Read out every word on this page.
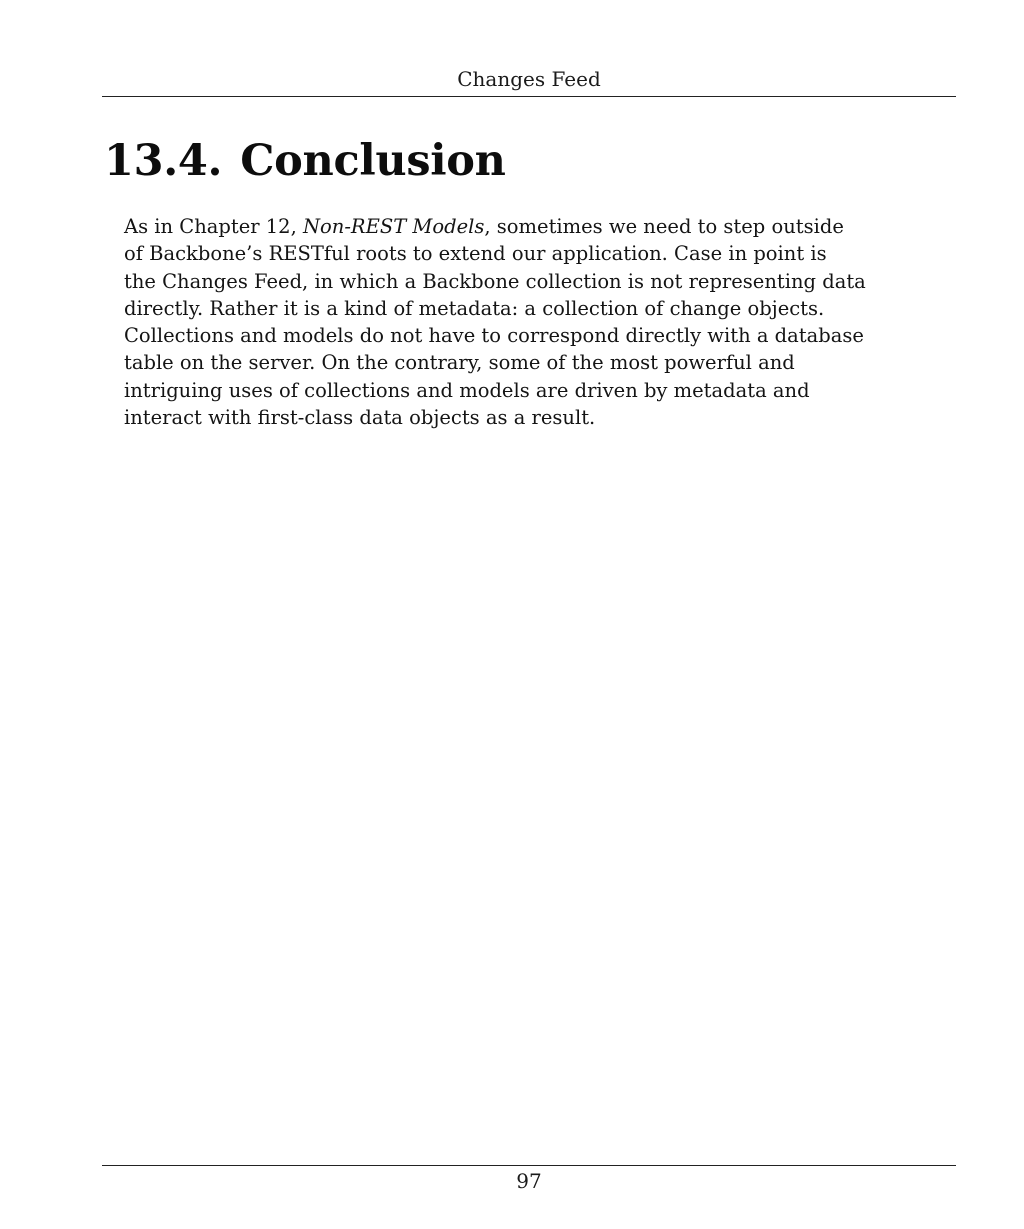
Changes Feed
13.4. Conclusion

As in Chapter 12, Non-REST Models, sometimes we need to step outside
of Backbone’s RESTful roots to extend our application. Case in point is
the Changes Feed, in which a Backbone collection is not representing data
directly. Rather it is a kind of metadata: a collection of change objects.
Collections and models do not have to correspond directly with a database
table on the server. On the contrary, some of the most powerful and
intriguing uses of collections and models are driven by metadata and
interact with first-class data objects as a result.

97
